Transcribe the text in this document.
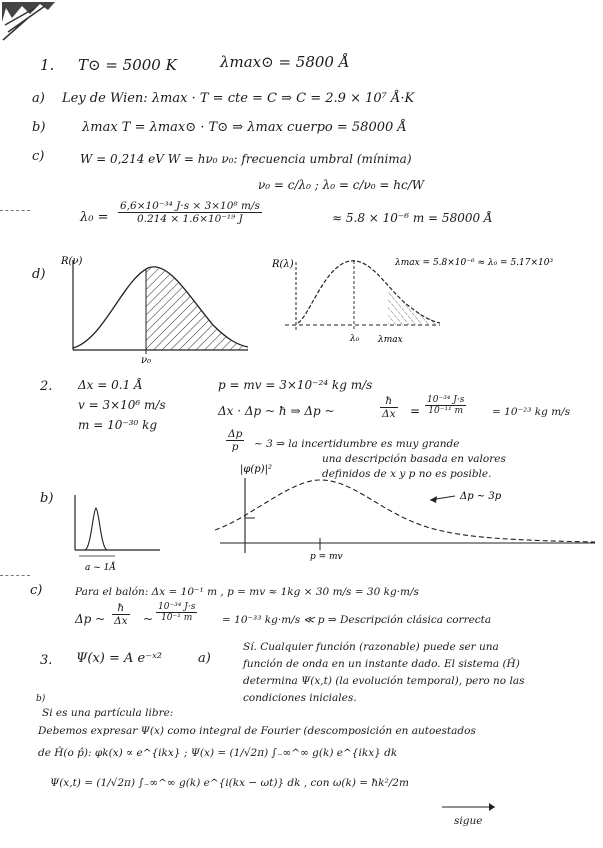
1. T⊙ = 5000 K	λmax⊙ = 5800 Å
a) Ley de Wien: λmax · T = cte = C ⇒ C = 2.9 × 10⁷ Å·K
b)	λmax T = λmax⊙ · T⊙ ⇒ λmax cuerpo = 58000 Å
c)	W = 0,214 eV W = hν₀ ν₀: frecuencia umbral (mínima)
ν₀ = c/λ₀ ; λ₀ = c/ν₀ = hc/W
$\lambda_0 = \frac{\text{6,6×10⁻³⁴ J·s × 3×10⁸ m/s}}{\text{0.214 × 1.6×10⁻¹⁹ J}}$	≈ 5.8 × 10⁻⁶ m = 58000 Å
d)
R(ν)
ν₀
R(λ)
λ₀ λmax
λmax = 5.8×10⁻⁶ ≈ λ₀ = 5.17×10³
2. Δx = 0.1 Å
v = 3×10⁶ m/s
m = 10⁻³⁰ kg
p = mv = 3×10⁻²⁴ kg m/s
Δx · Δp ~ ħ ⇒ Δp ~	$\frac{ħ}{\Delta x} = \frac{\text{10⁻³⁴ J·s}}{\text{10⁻¹¹ m}} = 10^{-23}$ kg m/s
$\frac{\Delta p}{p}$ ~ 3 ⇒ la incertidumbre es muy grande
una descripción basada en valores
definidos de x y p no es posible.
b)
a ~ 1Å
|φ(p)|²
p = mv
Δp ~ 3p
c)	Para el balón: Δx = 10⁻¹ m , p = mv ≈ 1kg × 30 m/s = 30 kg·m/s
Δp ~ $\frac{ħ}{\Delta x}$ ~ $\frac{\text{10⁻³⁴ J·s}}{\text{10⁻¹ m}} = 10^{-33}$ kg·m/s ≪ p ⇒ Descripción clásica correcta
3. Ψ(x) = A e⁻ˣ²	a)
Sí. Cualquier función (razonable) puede ser una
función de onda en un instante dado. El sistema (Ĥ)
determina Ψ(x,t) (la evolución temporal), pero no las
condiciones iniciales.
b)
Si es una partícula libre:
Debemos expresar Ψ(x) como integral de Fourier (descomposición en autoestados
de Ĥ(o p̂): φk(x) ∝ e^{ikx} ; Ψ(x) = (1/√2π) ∫₋∞^∞ g(k) e^{ikx} dk
Ψ(x,t) = (1/√2π) ∫₋∞^∞ g(k) e^{i(kx − ωt)} dk , con ω(k) = ħk²/2m
sigue
